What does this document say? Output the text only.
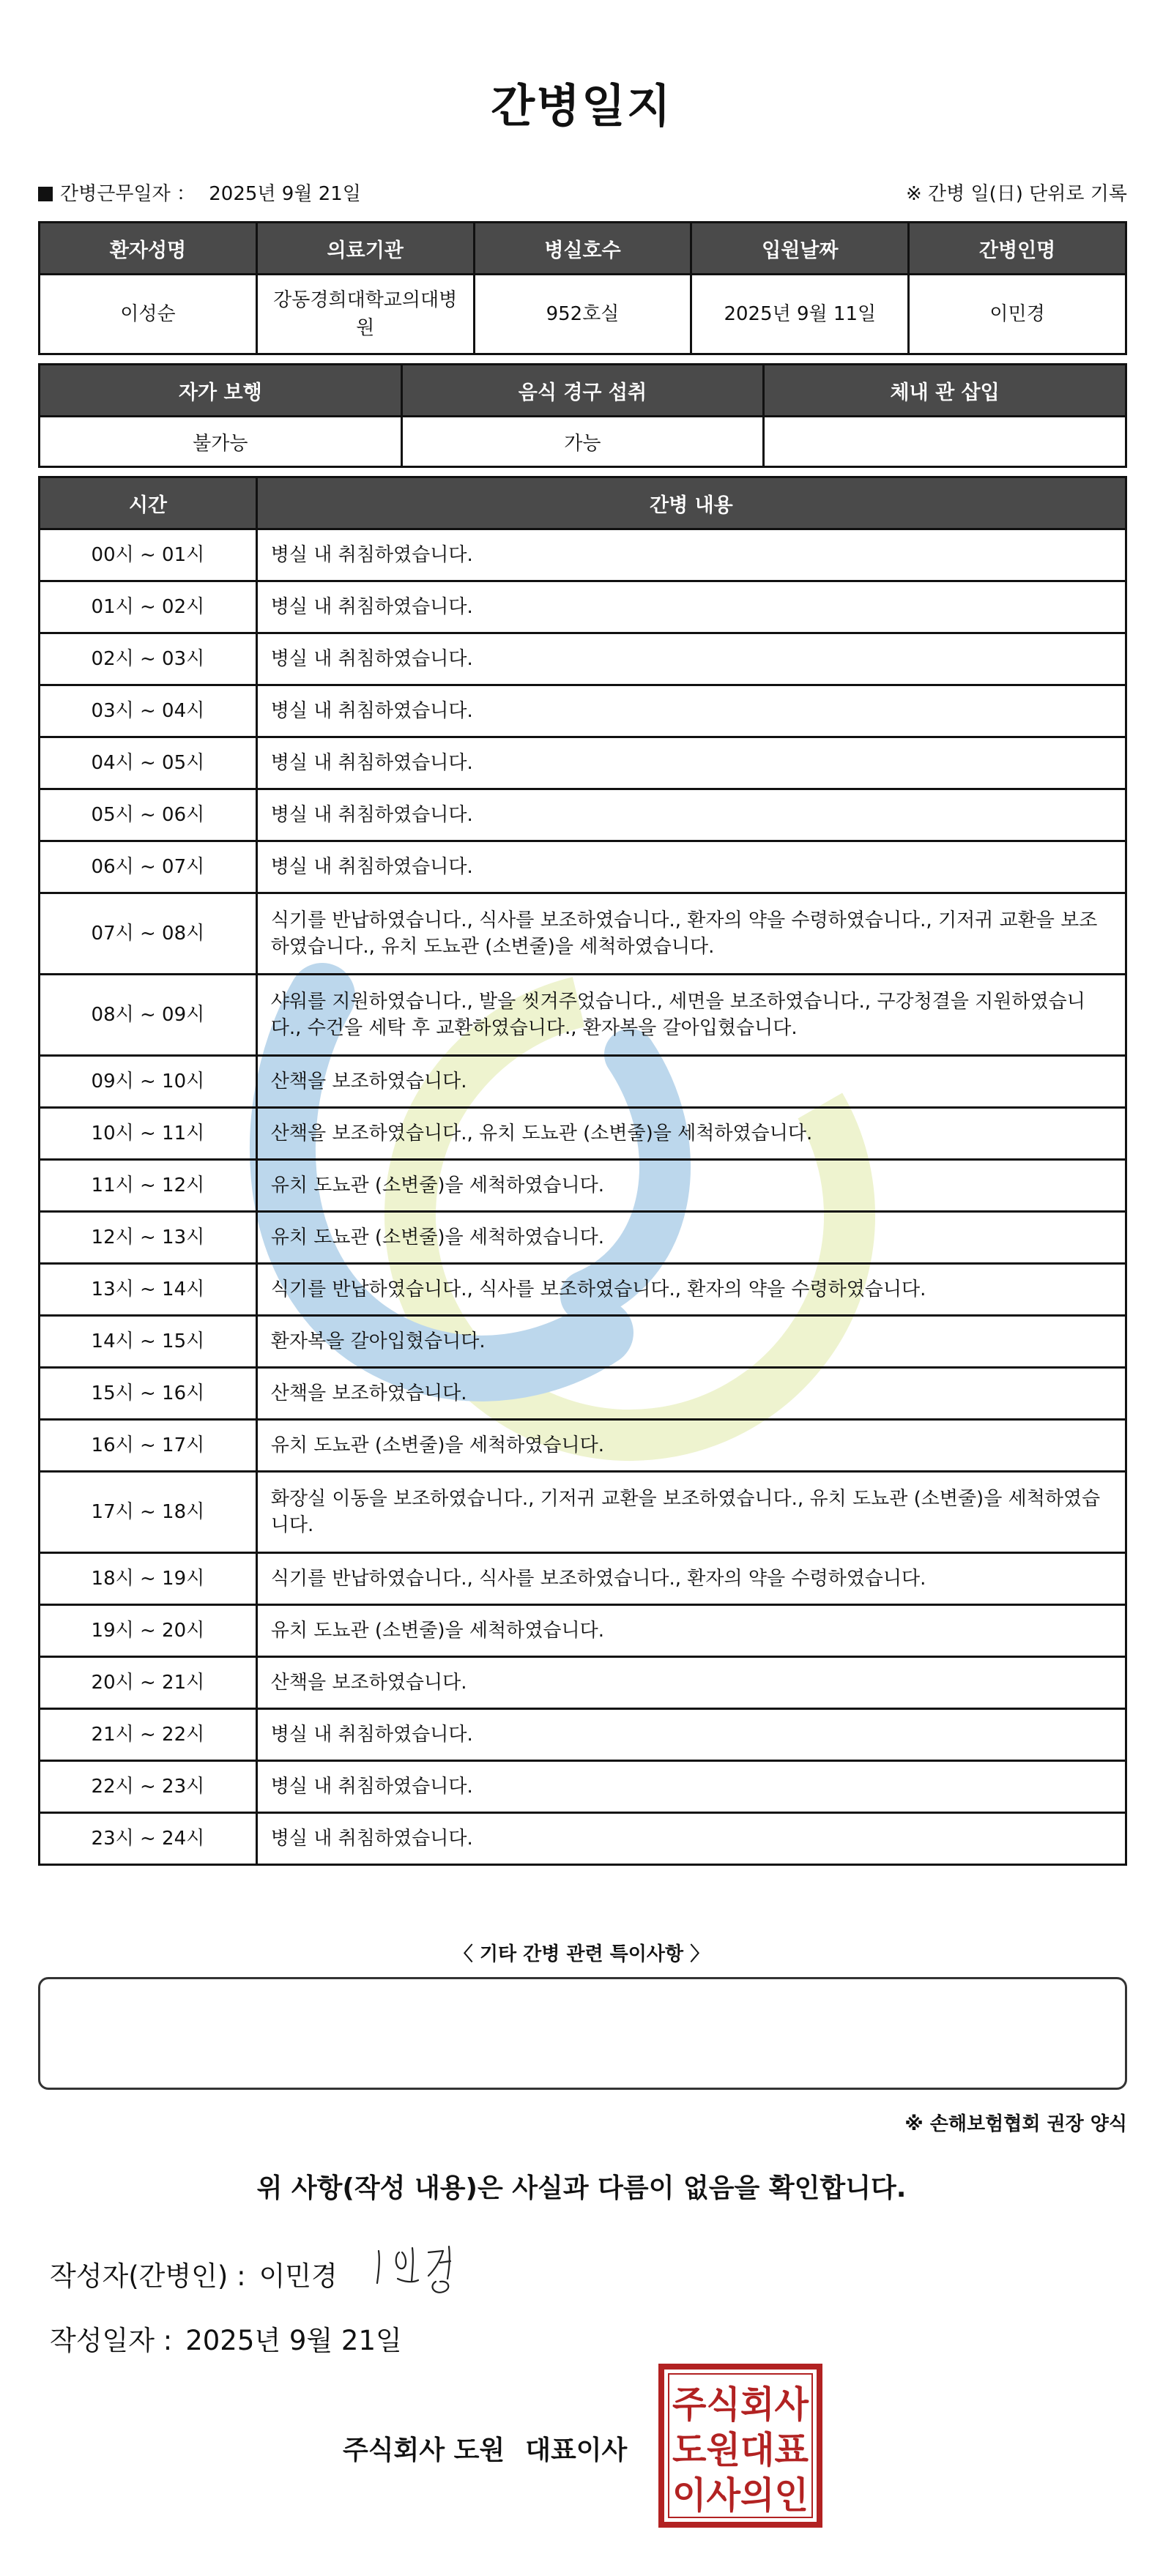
간병일지
간병근무일자 ： 2025년 9월 21일	※ 간병 일(日) 단위로 기록
환자성명	의료기관	병실호수	입원날짜	간병인명
이성순	강동경희대학교의대병원	952호실	2025년 9월 11일	이민경
자가 보행	음식 경구 섭취	체내 관 삽입
불가능	가능	
시간	간병 내용
00시 ~ 01시	병실 내 취침하였습니다.
01시 ~ 02시	병실 내 취침하였습니다.
02시 ~ 03시	병실 내 취침하였습니다.
03시 ~ 04시	병실 내 취침하였습니다.
04시 ~ 05시	병실 내 취침하였습니다.
05시 ~ 06시	병실 내 취침하였습니다.
06시 ~ 07시	병실 내 취침하였습니다.
07시 ~ 08시	식기를 반납하였습니다., 식사를 보조하였습니다., 환자의 약을 수령하였습니다., 기저귀 교환을 보조하였습니다., 유치 도뇨관 (소변줄)을 세척하였습니다.
08시 ~ 09시	샤워를 지원하였습니다., 발을 씻겨주었습니다., 세면을 보조하였습니다., 구강청결을 지원하였습니다., 수건을 세탁 후 교환하였습니다., 환자복을 갈아입혔습니다.
09시 ~ 10시	산책을 보조하였습니다.
10시 ~ 11시	산책을 보조하였습니다., 유치 도뇨관 (소변줄)을 세척하였습니다.
11시 ~ 12시	유치 도뇨관 (소변줄)을 세척하였습니다.
12시 ~ 13시	유치 도뇨관 (소변줄)을 세척하였습니다.
13시 ~ 14시	식기를 반납하였습니다., 식사를 보조하였습니다., 환자의 약을 수령하였습니다.
14시 ~ 15시	환자복을 갈아입혔습니다.
15시 ~ 16시	산책을 보조하였습니다.
16시 ~ 17시	유치 도뇨관 (소변줄)을 세척하였습니다.
17시 ~ 18시	화장실 이동을 보조하였습니다., 기저귀 교환을 보조하였습니다., 유치 도뇨관 (소변줄)을 세척하였습니다.
18시 ~ 19시	식기를 반납하였습니다., 식사를 보조하였습니다., 환자의 약을 수령하였습니다.
19시 ~ 20시	유치 도뇨관 (소변줄)을 세척하였습니다.
20시 ~ 21시	산책을 보조하였습니다.
21시 ~ 22시	병실 내 취침하였습니다.
22시 ~ 23시	병실 내 취침하였습니다.
23시 ~ 24시	병실 내 취침하였습니다.
〈 기타 간병 관련 특이사항 〉
※ 손해보험협회 권장 양식
위 사항(작성 내용)은 사실과 다름이 없음을 확인합니다.
작성자(간병인) : 이민경
작성일자 : 2025년 9월 21일
주식회사 도원 대표이사
주식회사
도원대표
이사의인
